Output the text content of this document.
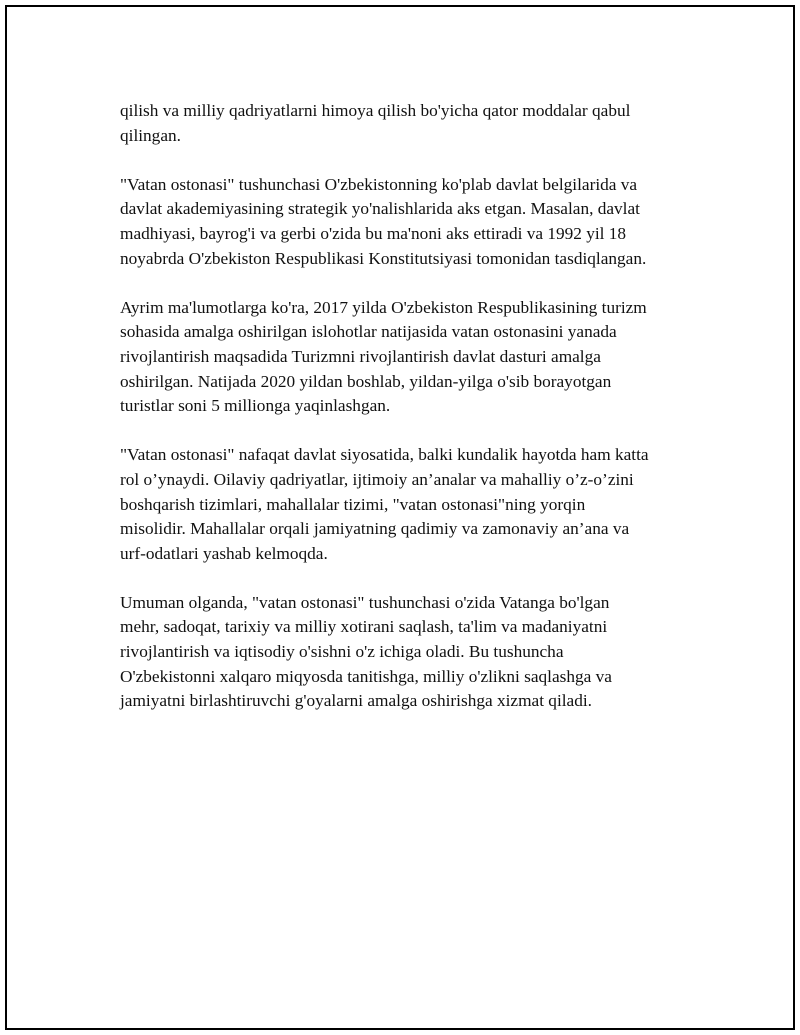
qilish va milliy qadriyatlarni himoya qilish bo'yicha qator moddalar qabul
qilingan.

"Vatan ostonasi" tushunchasi O'zbekistonning ko'plab davlat belgilarida va
davlat akademiyasining strategik yo'nalishlarida aks etgan. Masalan, davlat
madhiyasi, bayrog'i va gerbi o'zida bu ma'noni aks ettiradi va 1992 yil 18
noyabrda O'zbekiston Respublikasi Konstitutsiyasi tomonidan tasdiqlangan.

Ayrim ma'lumotlarga ko'ra, 2017 yilda O'zbekiston Respublikasining turizm
sohasida amalga oshirilgan islohotlar natijasida vatan ostonasini yanada
rivojlantirish maqsadida Turizmni rivojlantirish davlat dasturi amalga
oshirilgan. Natijada 2020 yildan boshlab, yildan-yilga o'sib borayotgan
turistlar soni 5 millionga yaqinlashgan.

"Vatan ostonasi" nafaqat davlat siyosatida, balki kundalik hayotda ham katta
rol o’ynaydi. Oilaviy qadriyatlar, ijtimoiy an’analar va mahalliy o’z-o’zini
boshqarish tizimlari, mahallalar tizimi, "vatan ostonasi"ning yorqin
misolidir. Mahallalar orqali jamiyatning qadimiy va zamonaviy an’ana va
urf-odatlari yashab kelmoqda.

Umuman olganda, "vatan ostonasi" tushunchasi o'zida Vatanga bo'lgan
mehr, sadoqat, tarixiy va milliy xotirani saqlash, ta'lim va madaniyatni
rivojlantirish va iqtisodiy o'sishni o'z ichiga oladi. Bu tushuncha
O'zbekistonni xalqaro miqyosda tanitishga, milliy o'zlikni saqlashga va
jamiyatni birlashtiruvchi g'oyalarni amalga oshirishga xizmat qiladi.
